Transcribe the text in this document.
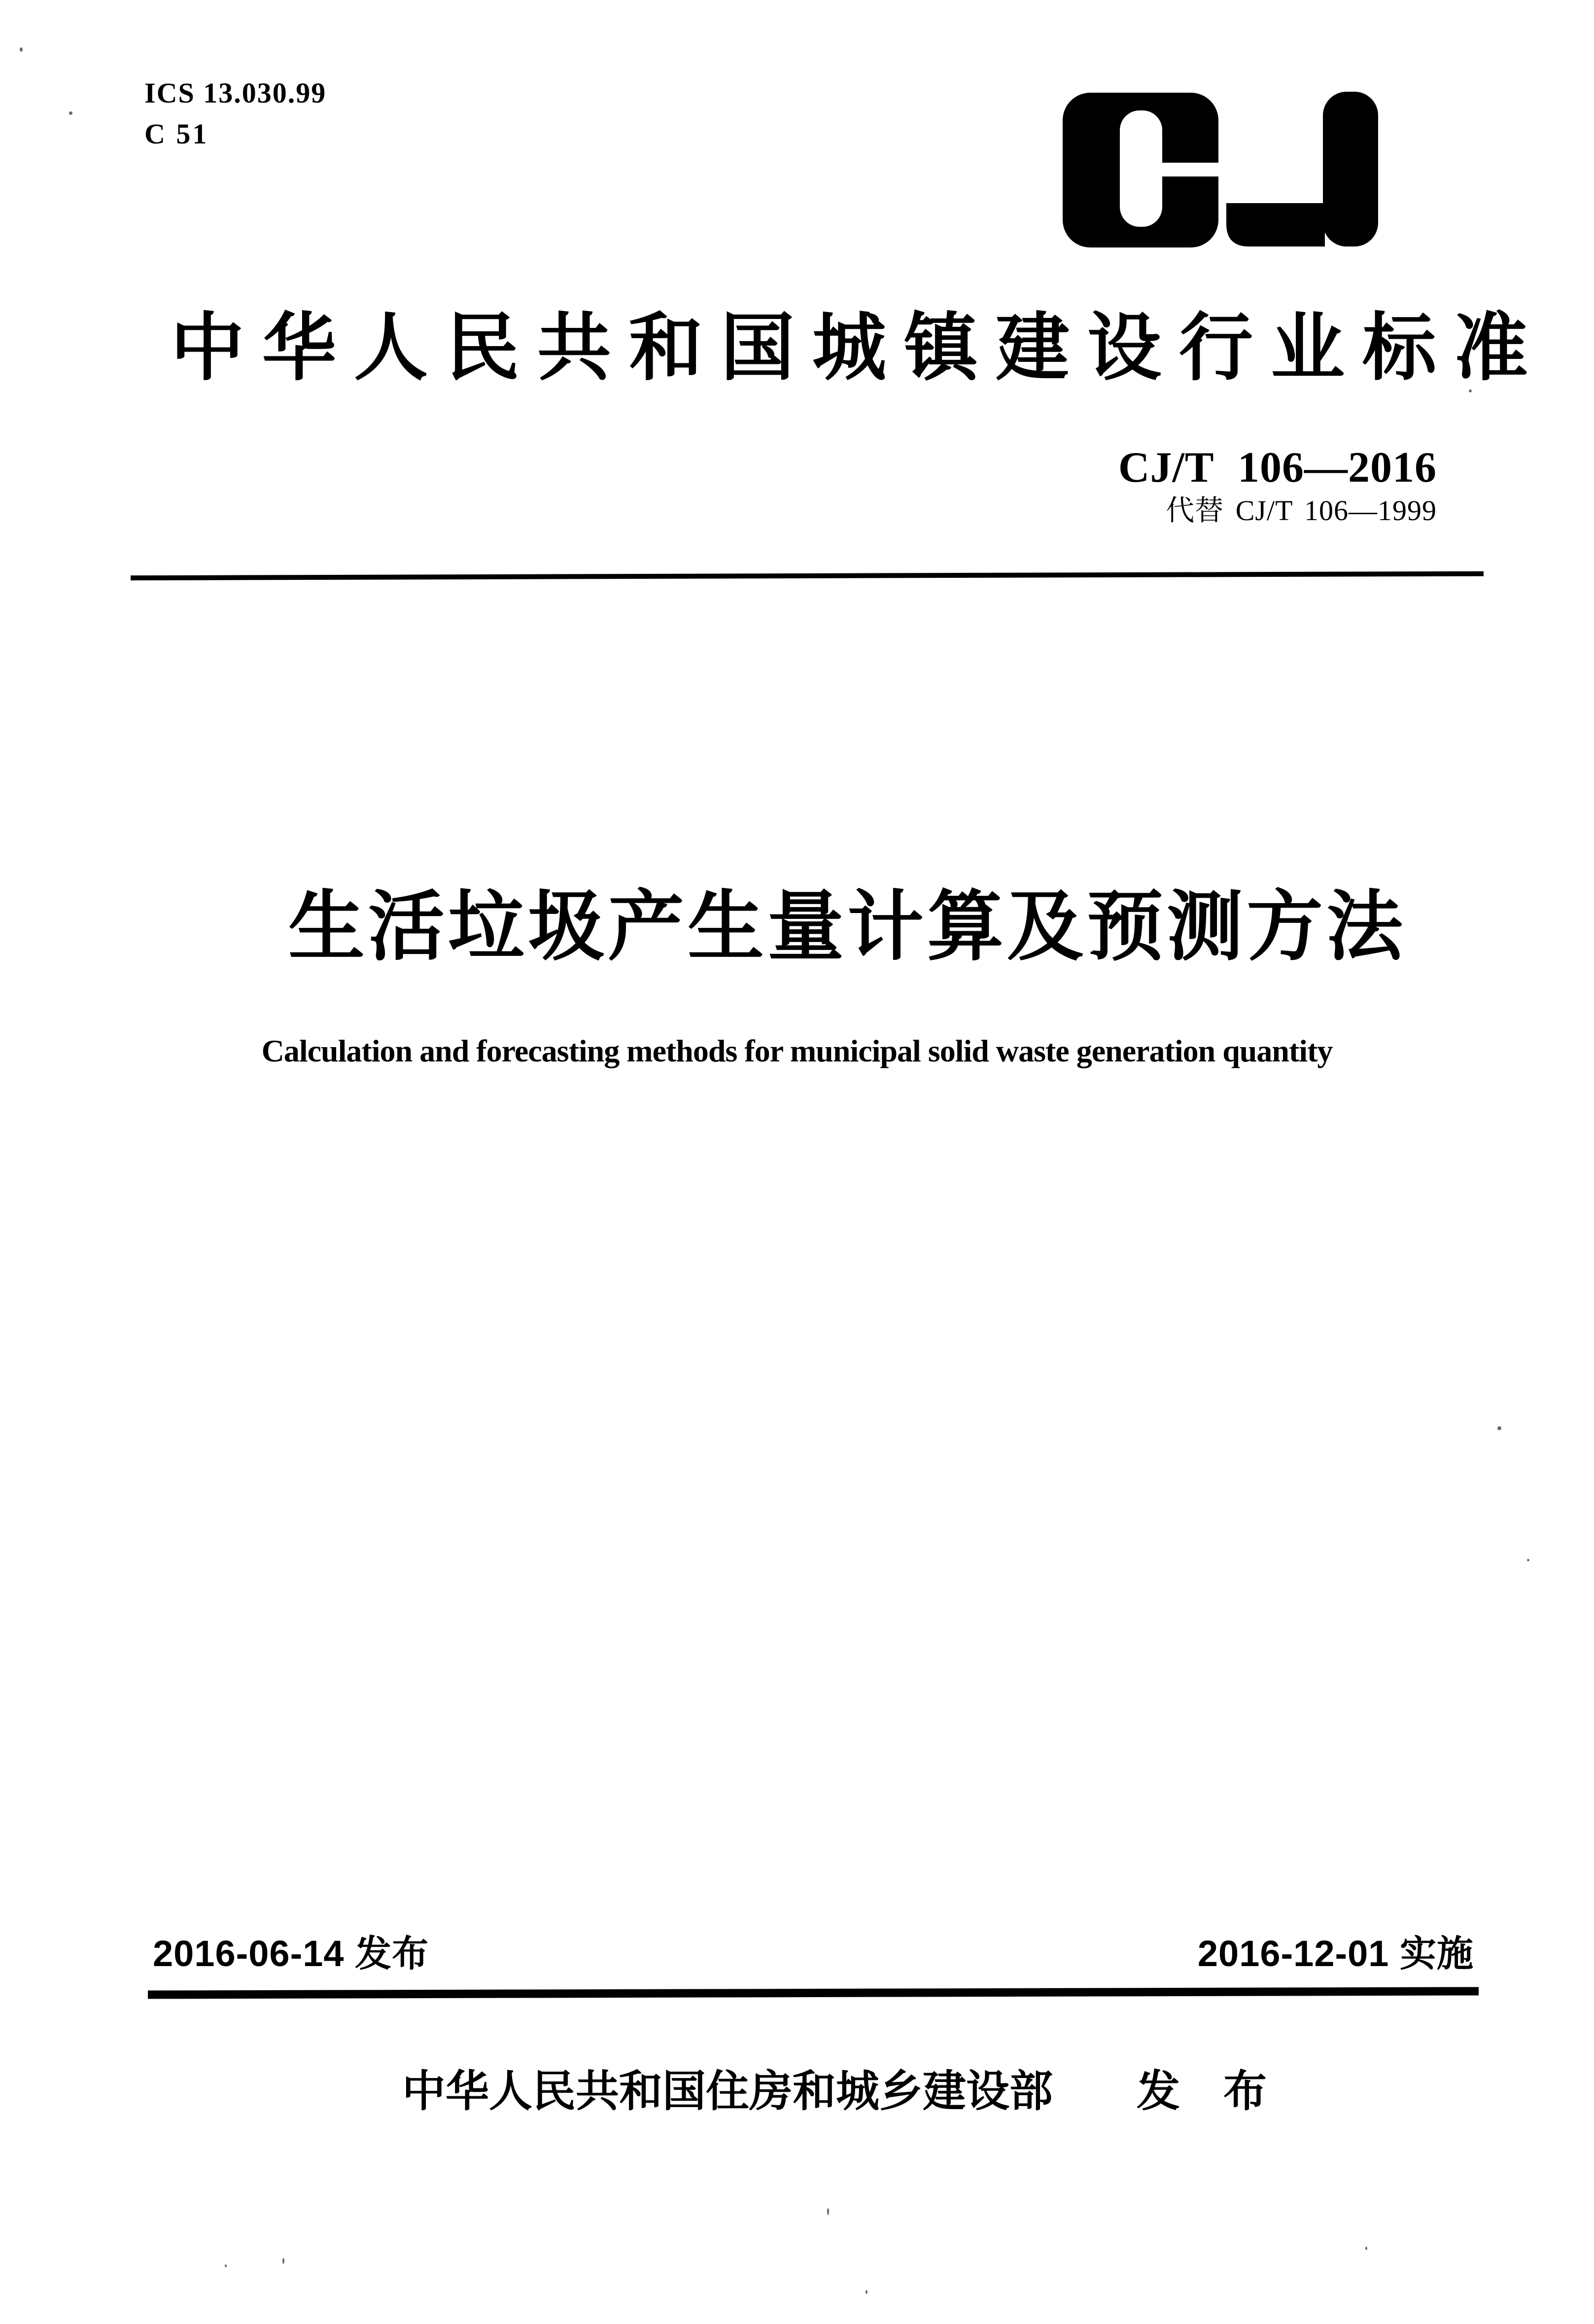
ICS 13.030.99
C 51
中华人民共和国城镇建设行业标准
CJ/T 106—2016
代替 CJ/T 106—1999
生活垃圾产生量计算及预测方法
Calculation and forecasting methods for municipal solid waste generation quantity
2016-06-14 发布	2016-12-01 实施
中华人民共和国住房和城乡建设部 发　布
